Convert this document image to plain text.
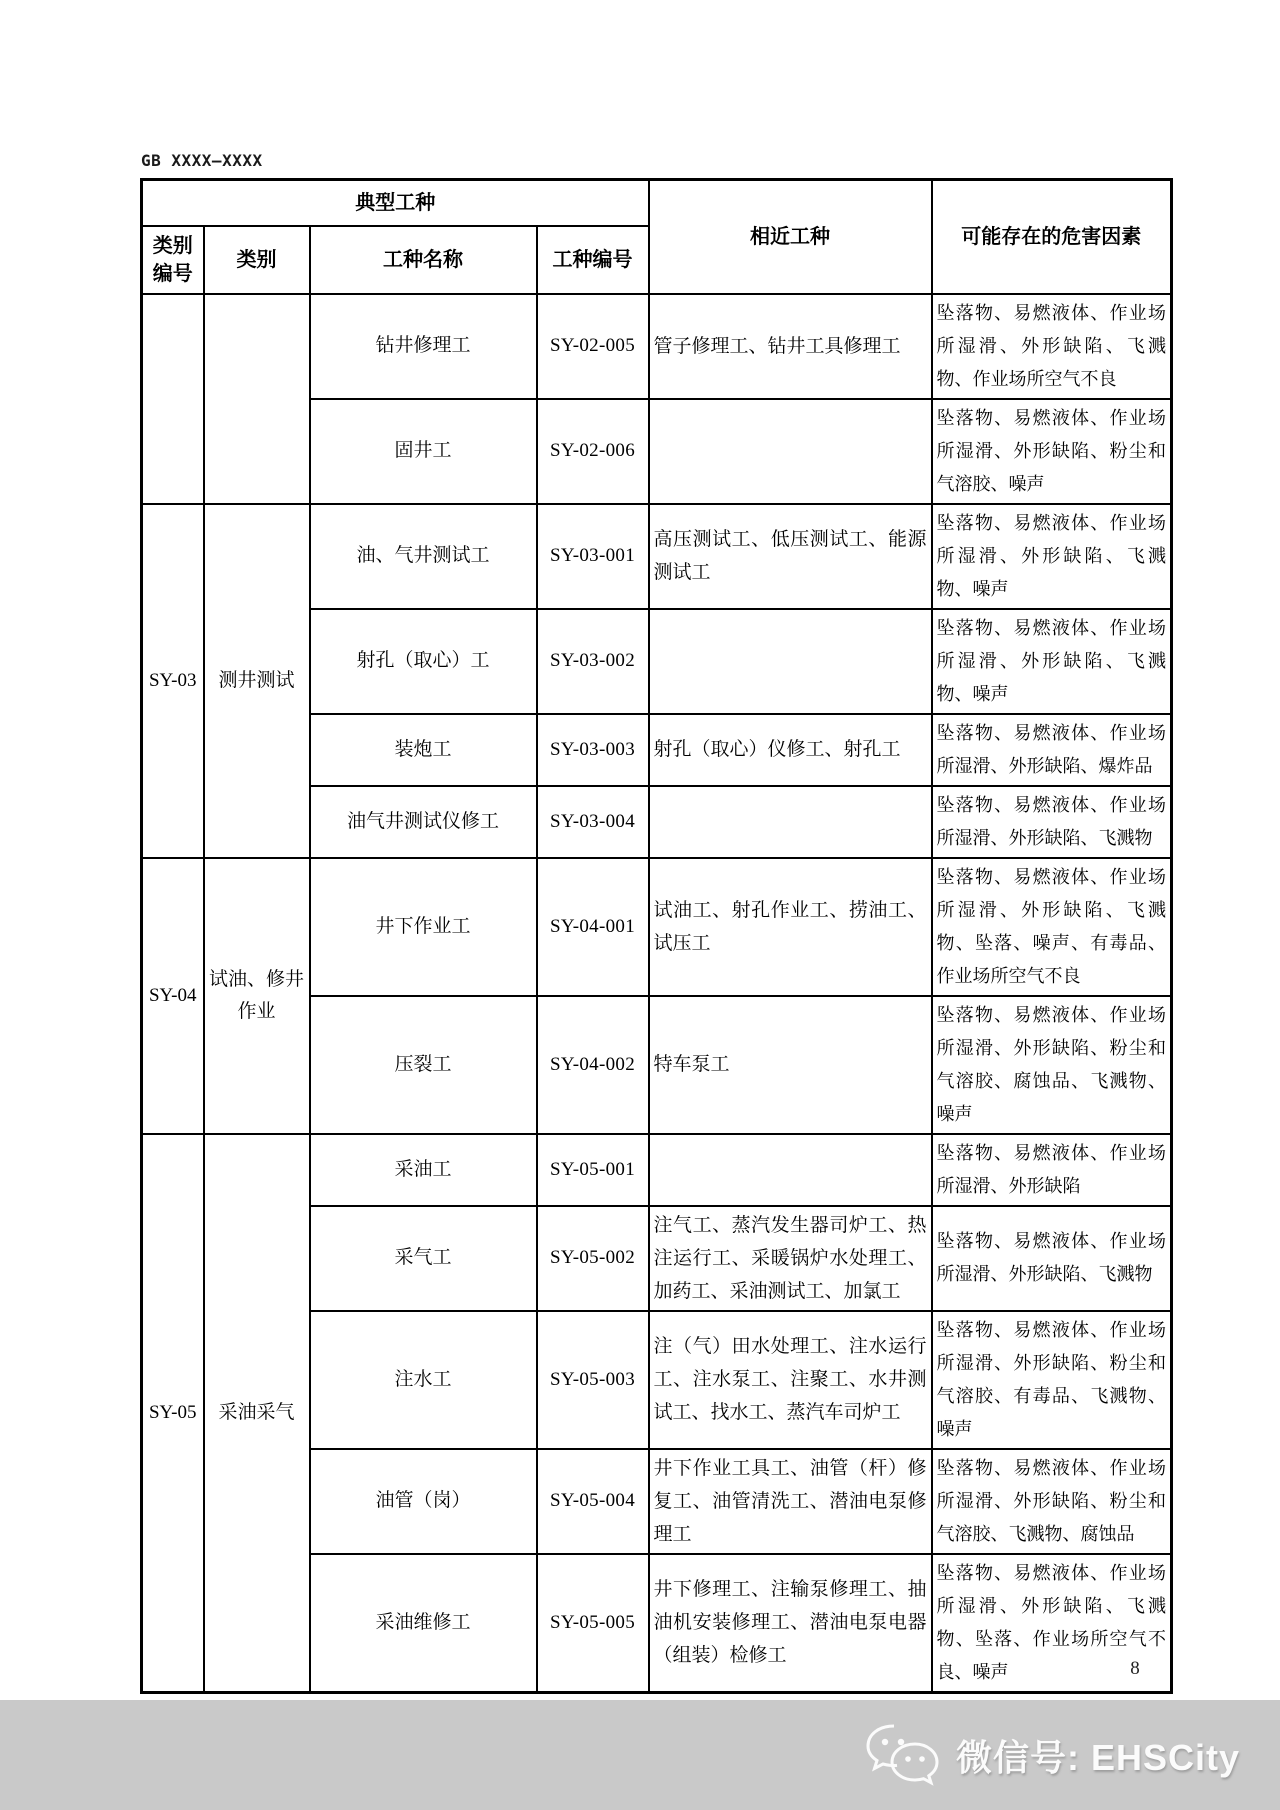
GB XXXX—XXXX
典型工种				相近工种	可能存在的危害因素
类别编号	类别	工种名称	工种编号		
		钻井修理工	SY-02-005	管子修理工、钻井工具修理工	坠落物、易燃液体、作业场所湿滑、外形缺陷、飞溅物、作业场所空气不良
		固井工	SY-02-006		坠落物、易燃液体、作业场所湿滑、外形缺陷、粉尘和气溶胶、噪声
SY-03	测井测试	油、气井测试工	SY-03-001	高压测试工、低压测试工、能源测试工	坠落物、易燃液体、作业场所湿滑、外形缺陷、飞溅物、噪声
		射孔（取心）工	SY-03-002		坠落物、易燃液体、作业场所湿滑、外形缺陷、飞溅物、噪声
		装炮工	SY-03-003	射孔（取心）仪修工、射孔工	坠落物、易燃液体、作业场所湿滑、外形缺陷、爆炸品
		油气井测试仪修工	SY-03-004		坠落物、易燃液体、作业场所湿滑、外形缺陷、飞溅物
SY-04	试油、修井作业	井下作业工	SY-04-001	试油工、射孔作业工、捞油工、试压工	坠落物、易燃液体、作业场所湿滑、外形缺陷、飞溅物、坠落、噪声、有毒品、作业场所空气不良
		压裂工	SY-04-002	特车泵工	坠落物、易燃液体、作业场所湿滑、外形缺陷、粉尘和气溶胶、腐蚀品、飞溅物、噪声
SY-05	采油采气	采油工	SY-05-001		坠落物、易燃液体、作业场所湿滑、外形缺陷
		采气工	SY-05-002	注气工、蒸汽发生器司炉工、热注运行工、采暖锅炉水处理工、加药工、采油测试工、加氯工	坠落物、易燃液体、作业场所湿滑、外形缺陷、飞溅物
		注水工	SY-05-003	注（气）田水处理工、注水运行工、注水泵工、注聚工、水井测试工、找水工、蒸汽车司炉工	坠落物、易燃液体、作业场所湿滑、外形缺陷、粉尘和气溶胶、有毒品、飞溅物、噪声
		油管（岗）	SY-05-004	井下作业工具工、油管（杆）修复工、油管清洗工、潜油电泵修理工	坠落物、易燃液体、作业场所湿滑、外形缺陷、粉尘和气溶胶、飞溅物、腐蚀品
		采油维修工	SY-05-005	井下修理工、注输泵修理工、抽油机安装修理工、潜油电泵电器（组装）检修工	坠落物、易燃液体、作业场所湿滑、外形缺陷、飞溅物、坠落、作业场所空气不良、噪声	8
微信号: EHSCity
